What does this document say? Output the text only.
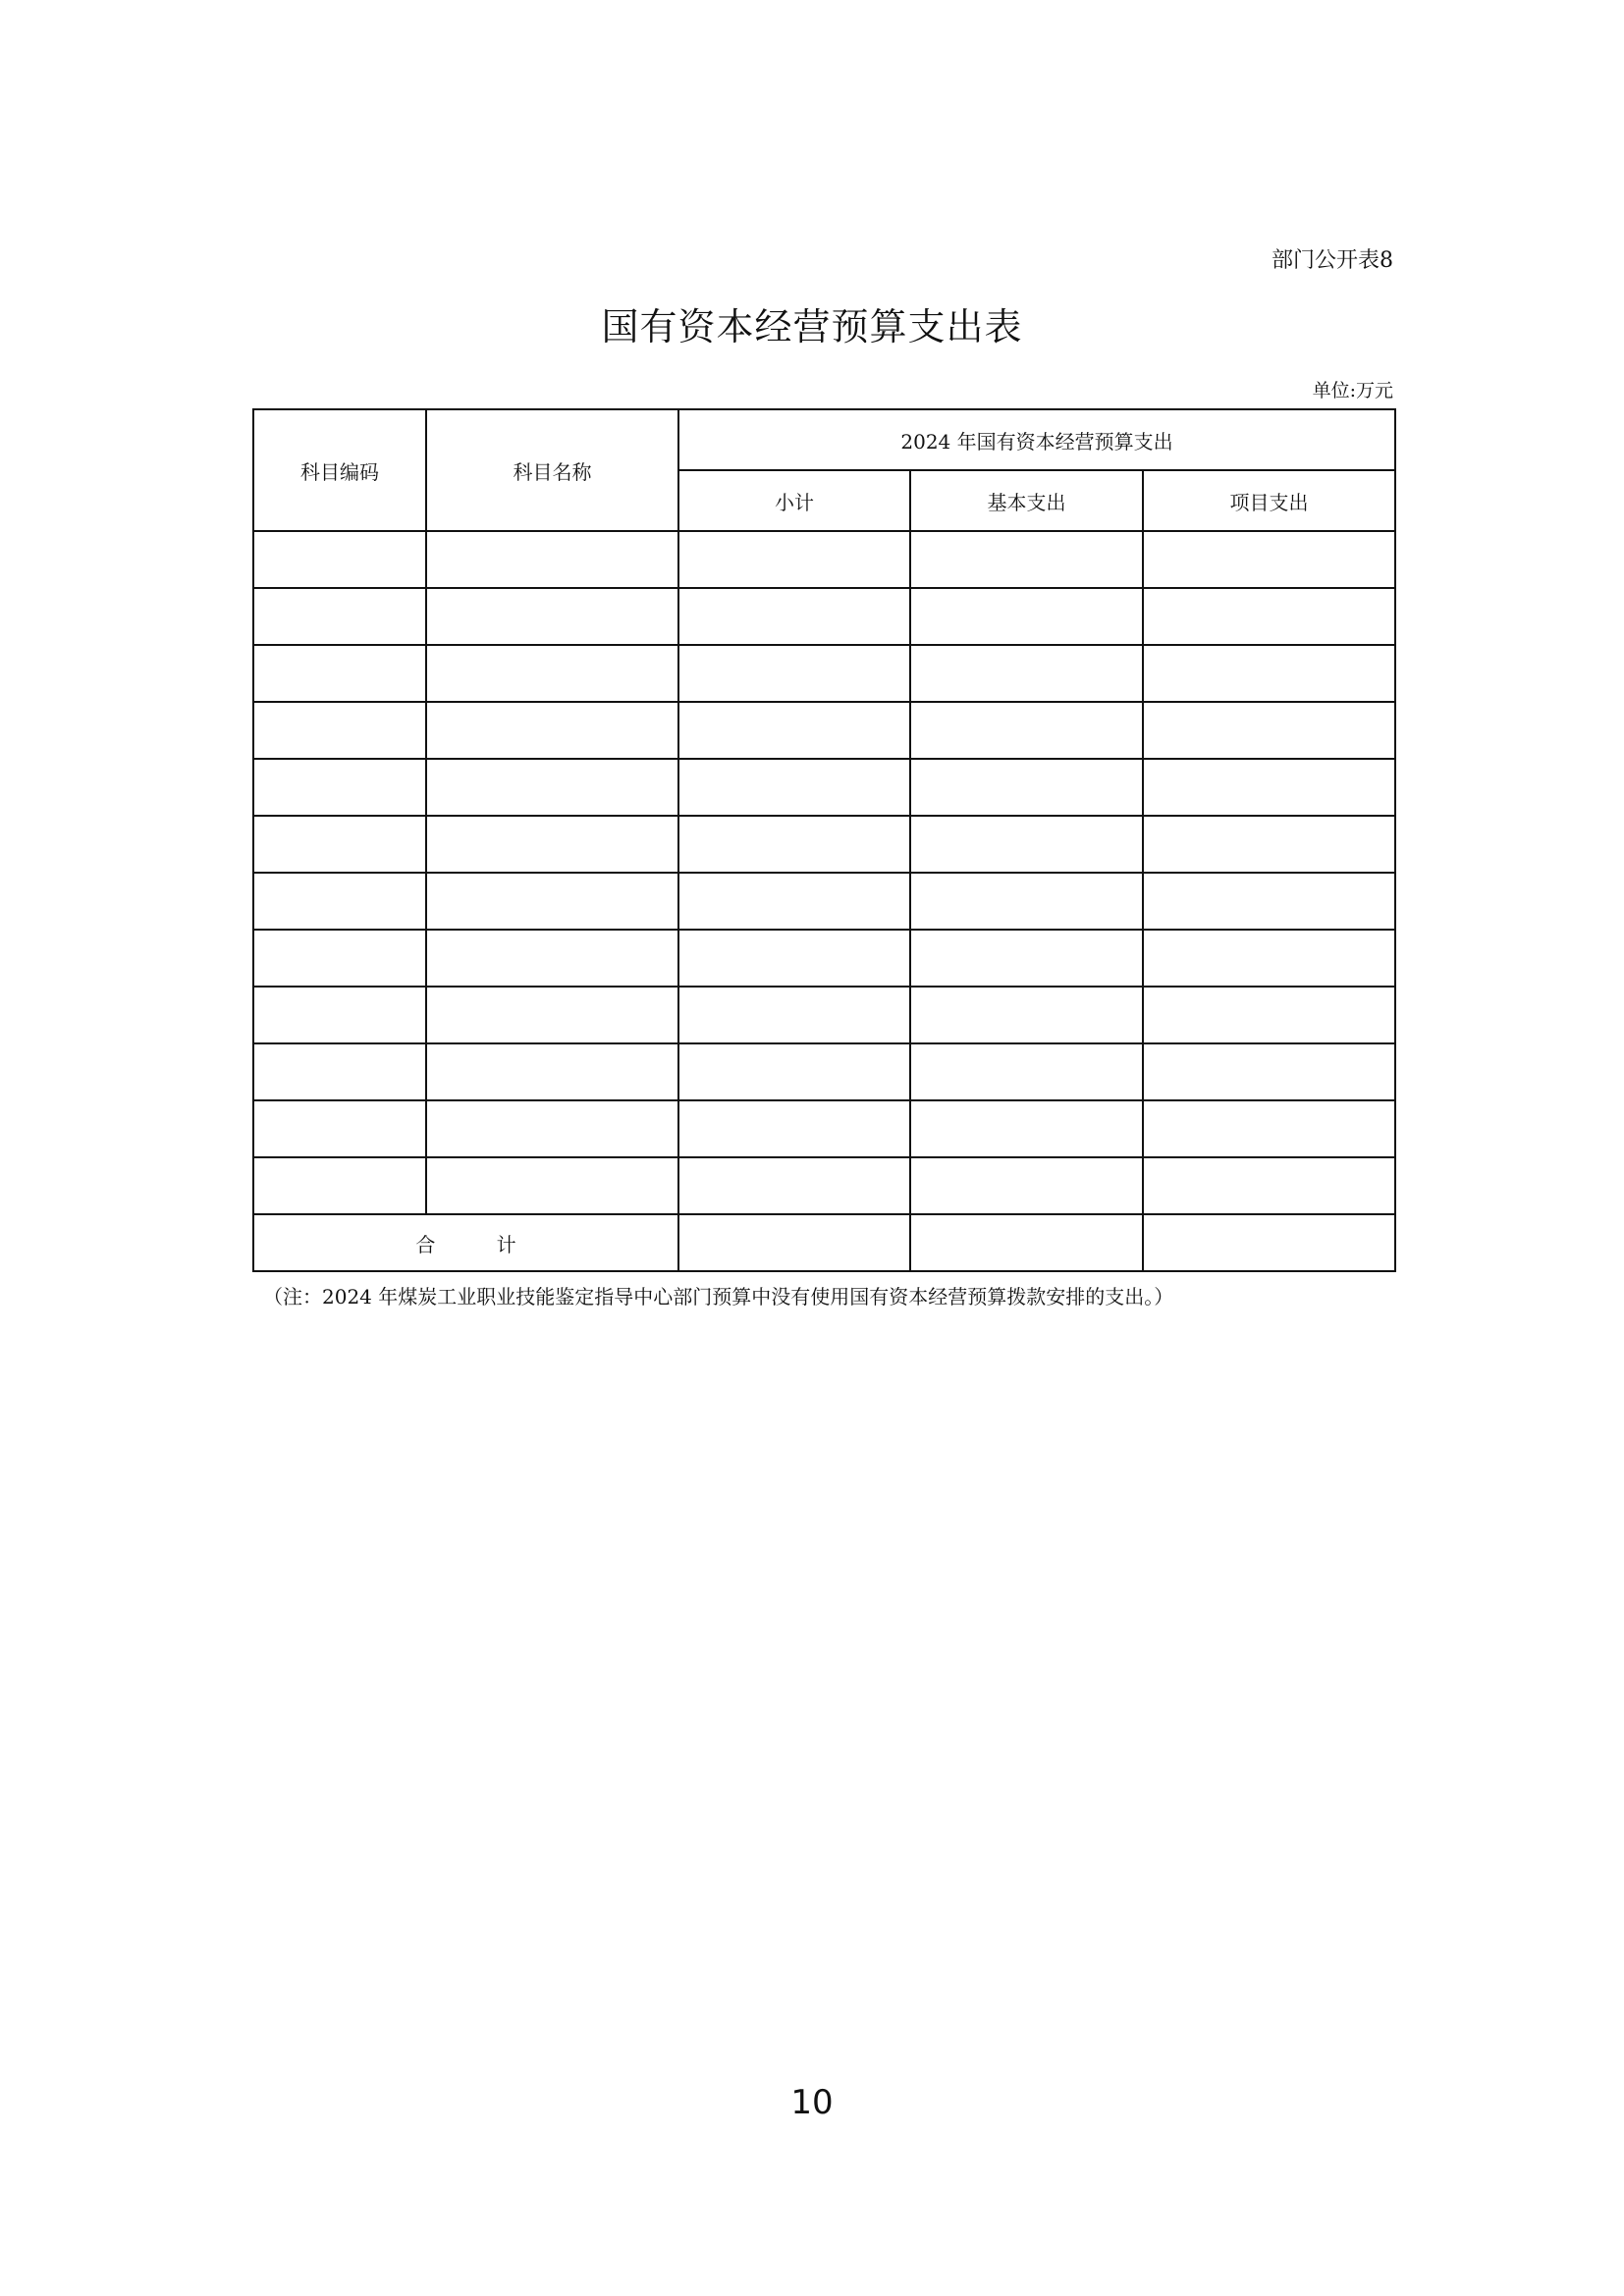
部门公开表8
国有资本经营预算支出表
单位:万元
科目编码	科目名称	2024 年国有资本经营预算支出		
		小计	基本支出	项目支出

合 计				
（注：2024 年煤炭工业职业技能鉴定指导中心部门预算中没有使用国有资本经营预算拨款安排的支出。）
10
